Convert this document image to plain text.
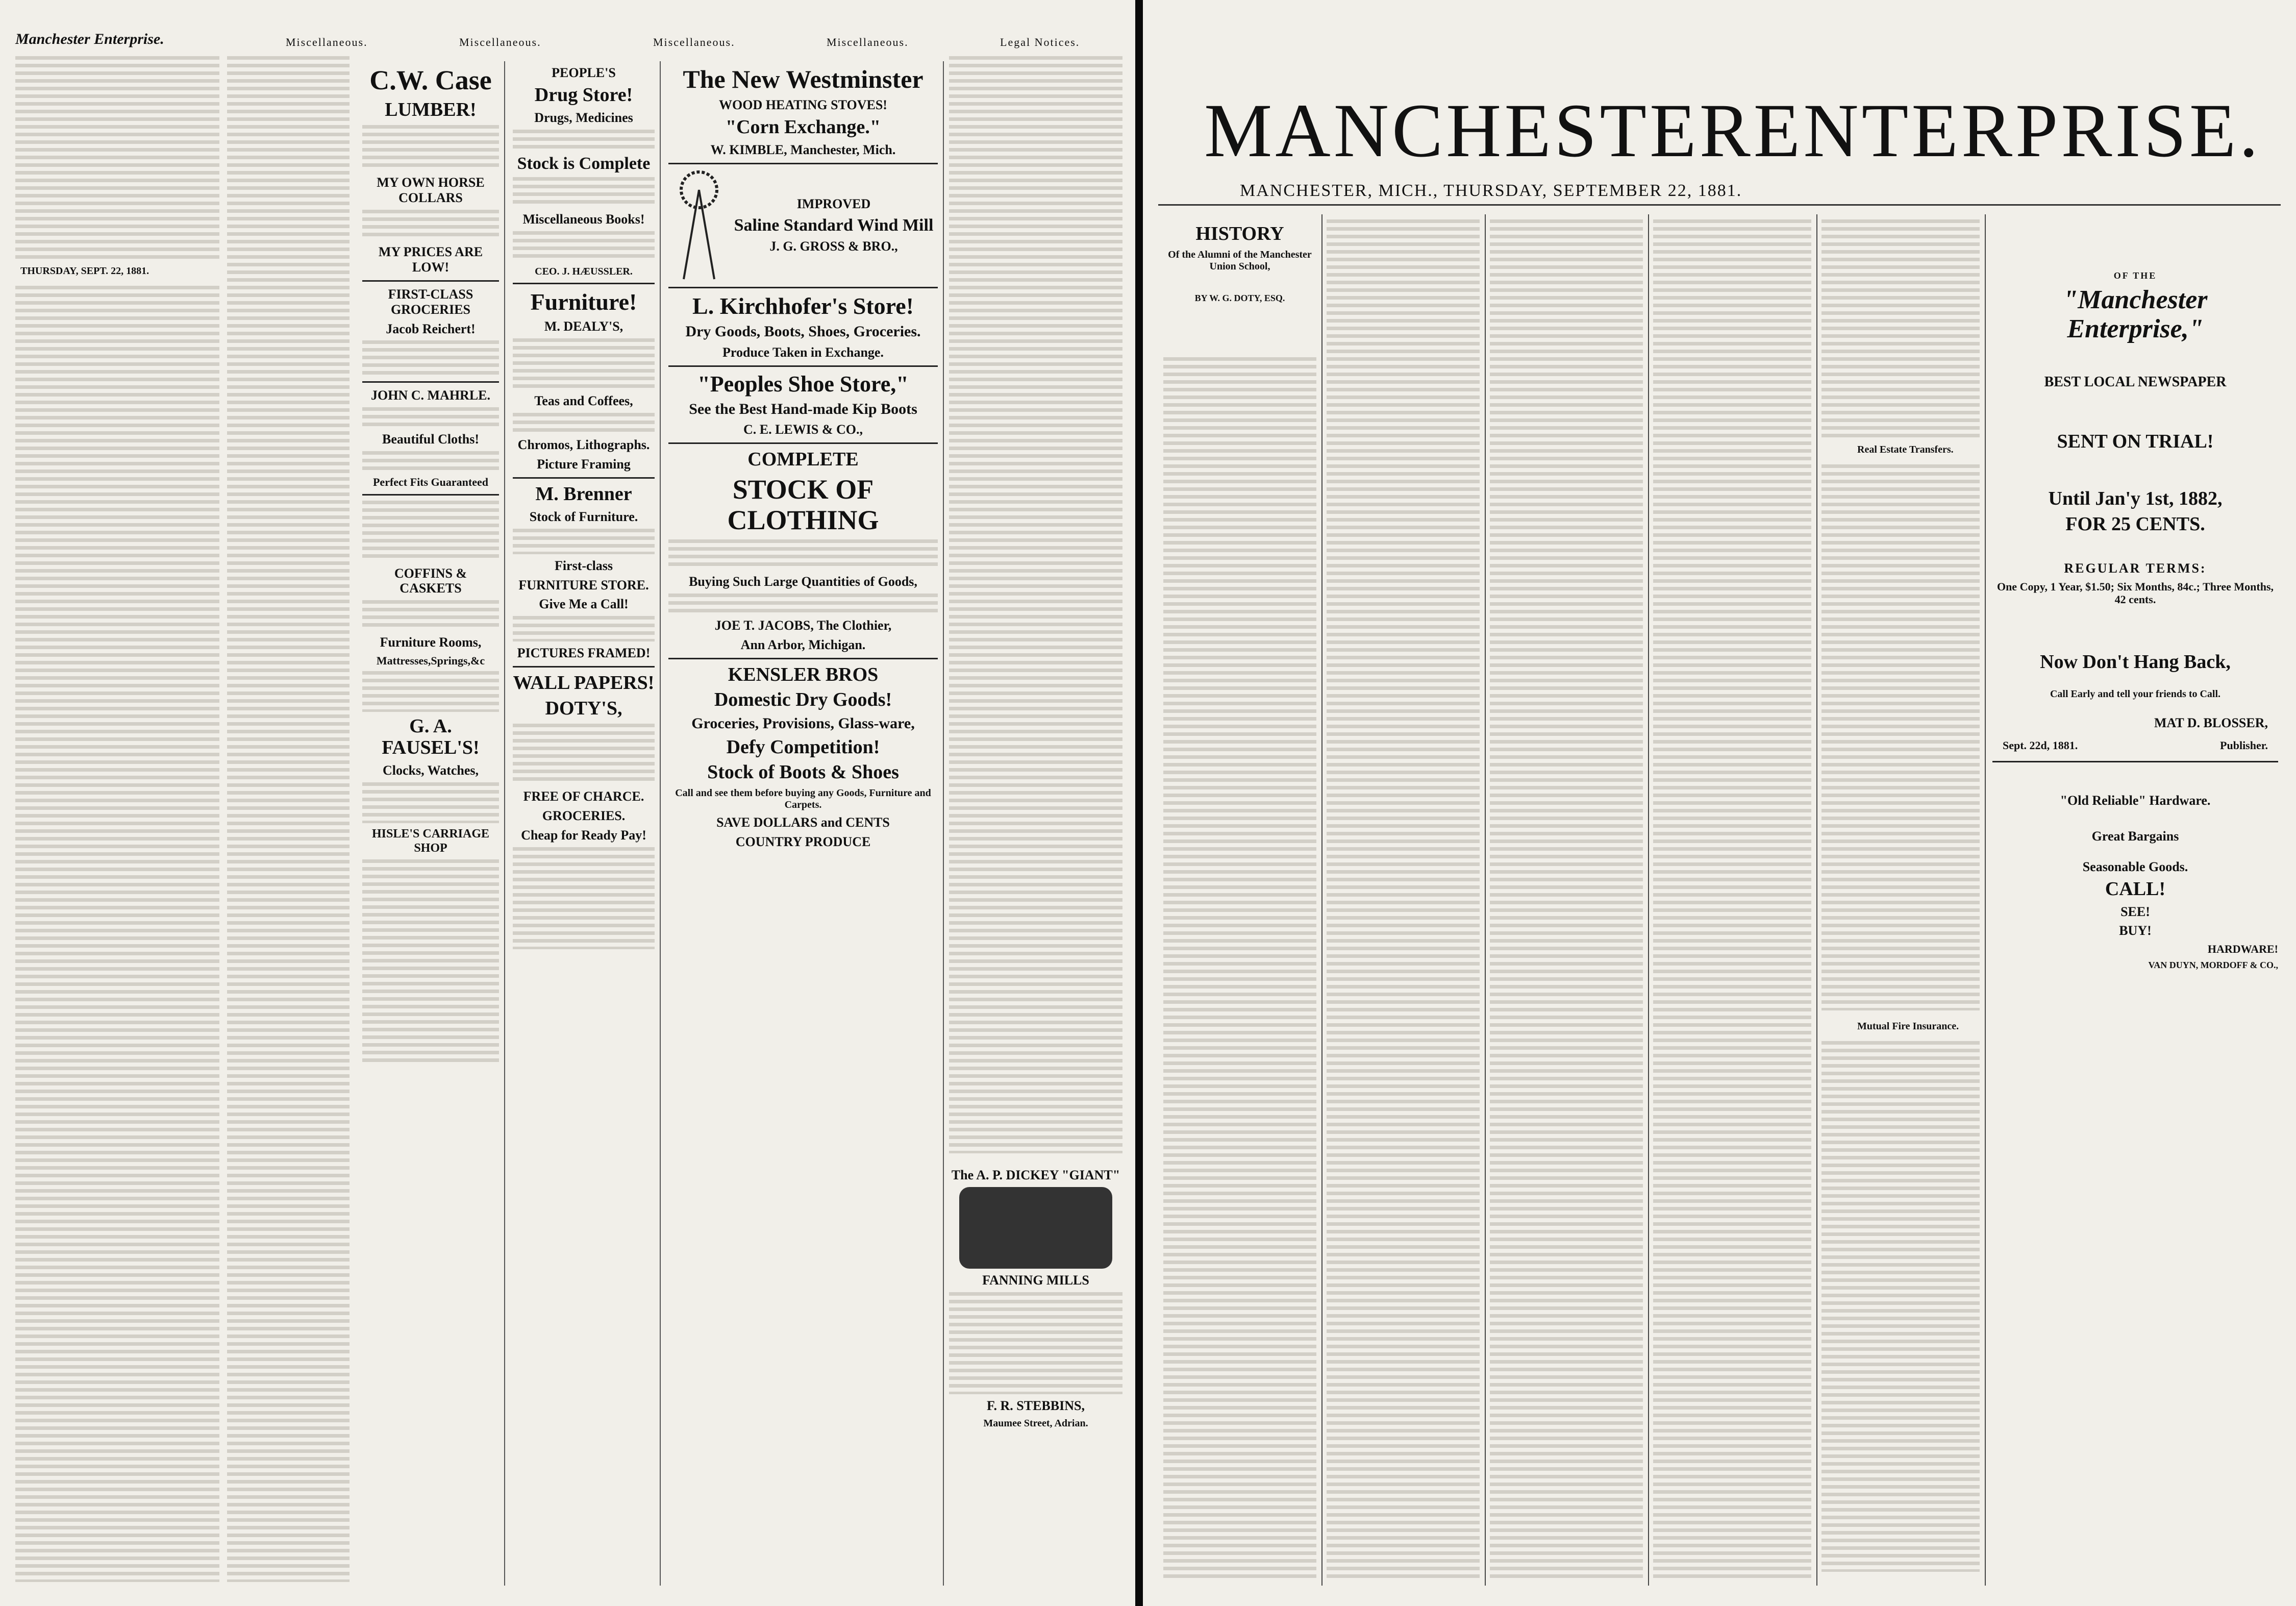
Manchester Enterprise.
THURSDAY, SEPT. 22, 1881.
Miscellaneous.	Miscellaneous.	Miscellaneous.	Miscellaneous.	Legal Notices.
C.W. Case
LUMBER!
MY OWN HORSE COLLARS
MY PRICES ARE LOW!
FIRST-CLASS GROCERIES
Jacob Reichert!
JOHN C. MAHRLE.
Beautiful Cloths!
Perfect Fits Guaranteed
COFFINS & CASKETS
Furniture Rooms,
Mattresses,Springs,&c
G. A. FAUSEL'S!
Clocks, Watches,
HISLE'S CARRIAGE SHOP
PEOPLE'S
Drug Store!
Drugs, Medicines
Stock is Complete
Miscellaneous Books!
CEO. J. HÆUSSLER.
Furniture!
M. DEALY'S,
Teas and Coffees,
Chromos, Lithographs.
Picture Framing
M. Brenner
Stock of Furniture.
First-class
FURNITURE STORE.
Give Me a Call!
PICTURES FRAMED!
WALL PAPERS!
DOTY'S,
FREE OF CHARCE.
GROCERIES.
Cheap for Ready Pay!
The New Westminster
WOOD HEATING STOVES!
"Corn Exchange."
W. KIMBLE, Manchester, Mich.
IMPROVED
Saline Standard Wind Mill
J. G. GROSS & BRO.,
L. Kirchhofer's Store!
Dry Goods, Boots, Shoes, Groceries.
Produce Taken in Exchange.
"Peoples Shoe Store,"
See the Best Hand-made Kip Boots
C. E. LEWIS & CO.,
COMPLETE
STOCK OF CLOTHING
Buying Such Large Quantities of Goods,
JOE T. JACOBS, The Clothier,
Ann Arbor, Michigan.
KENSLER BROS
Domestic Dry Goods!
Groceries, Provisions, Glass-ware,
Defy Competition!
Stock of Boots & Shoes
Call and see them before buying any Goods, Furniture and Carpets.
SAVE DOLLARS and CENTS
COUNTRY PRODUCE
The A. P. DICKEY "GIANT"
FANNING MILLS
F. R. STEBBINS,
Maumee Street, Adrian.
MANCHESTER ENTERPRISE.
MANCHESTER, MICH., THURSDAY, SEPTEMBER 22, 1881.
HISTORY
Of the Alumni of the Manchester Union School,
BY W. G. DOTY, ESQ.
Real Estate Transfers.
Mutual Fire Insurance.
OF THE
"Manchester Enterprise,"
BEST LOCAL NEWSPAPER
SENT ON TRIAL!
Until Jan'y 1st, 1882,
FOR 25 CENTS.
REGULAR TERMS:
One Copy, 1 Year, $1.50; Six Months, 84c.; Three Months, 42 cents.
Now Don't Hang Back,
Call Early and tell your friends to Call.
MAT D. BLOSSER,
Sept. 22d, 1881.	Publisher.
"Old Reliable" Hardware.
Great Bargains
Seasonable Goods.
CALL!
SEE!
BUY!
HARDWARE!
VAN DUYN, MORDOFF & CO.,
